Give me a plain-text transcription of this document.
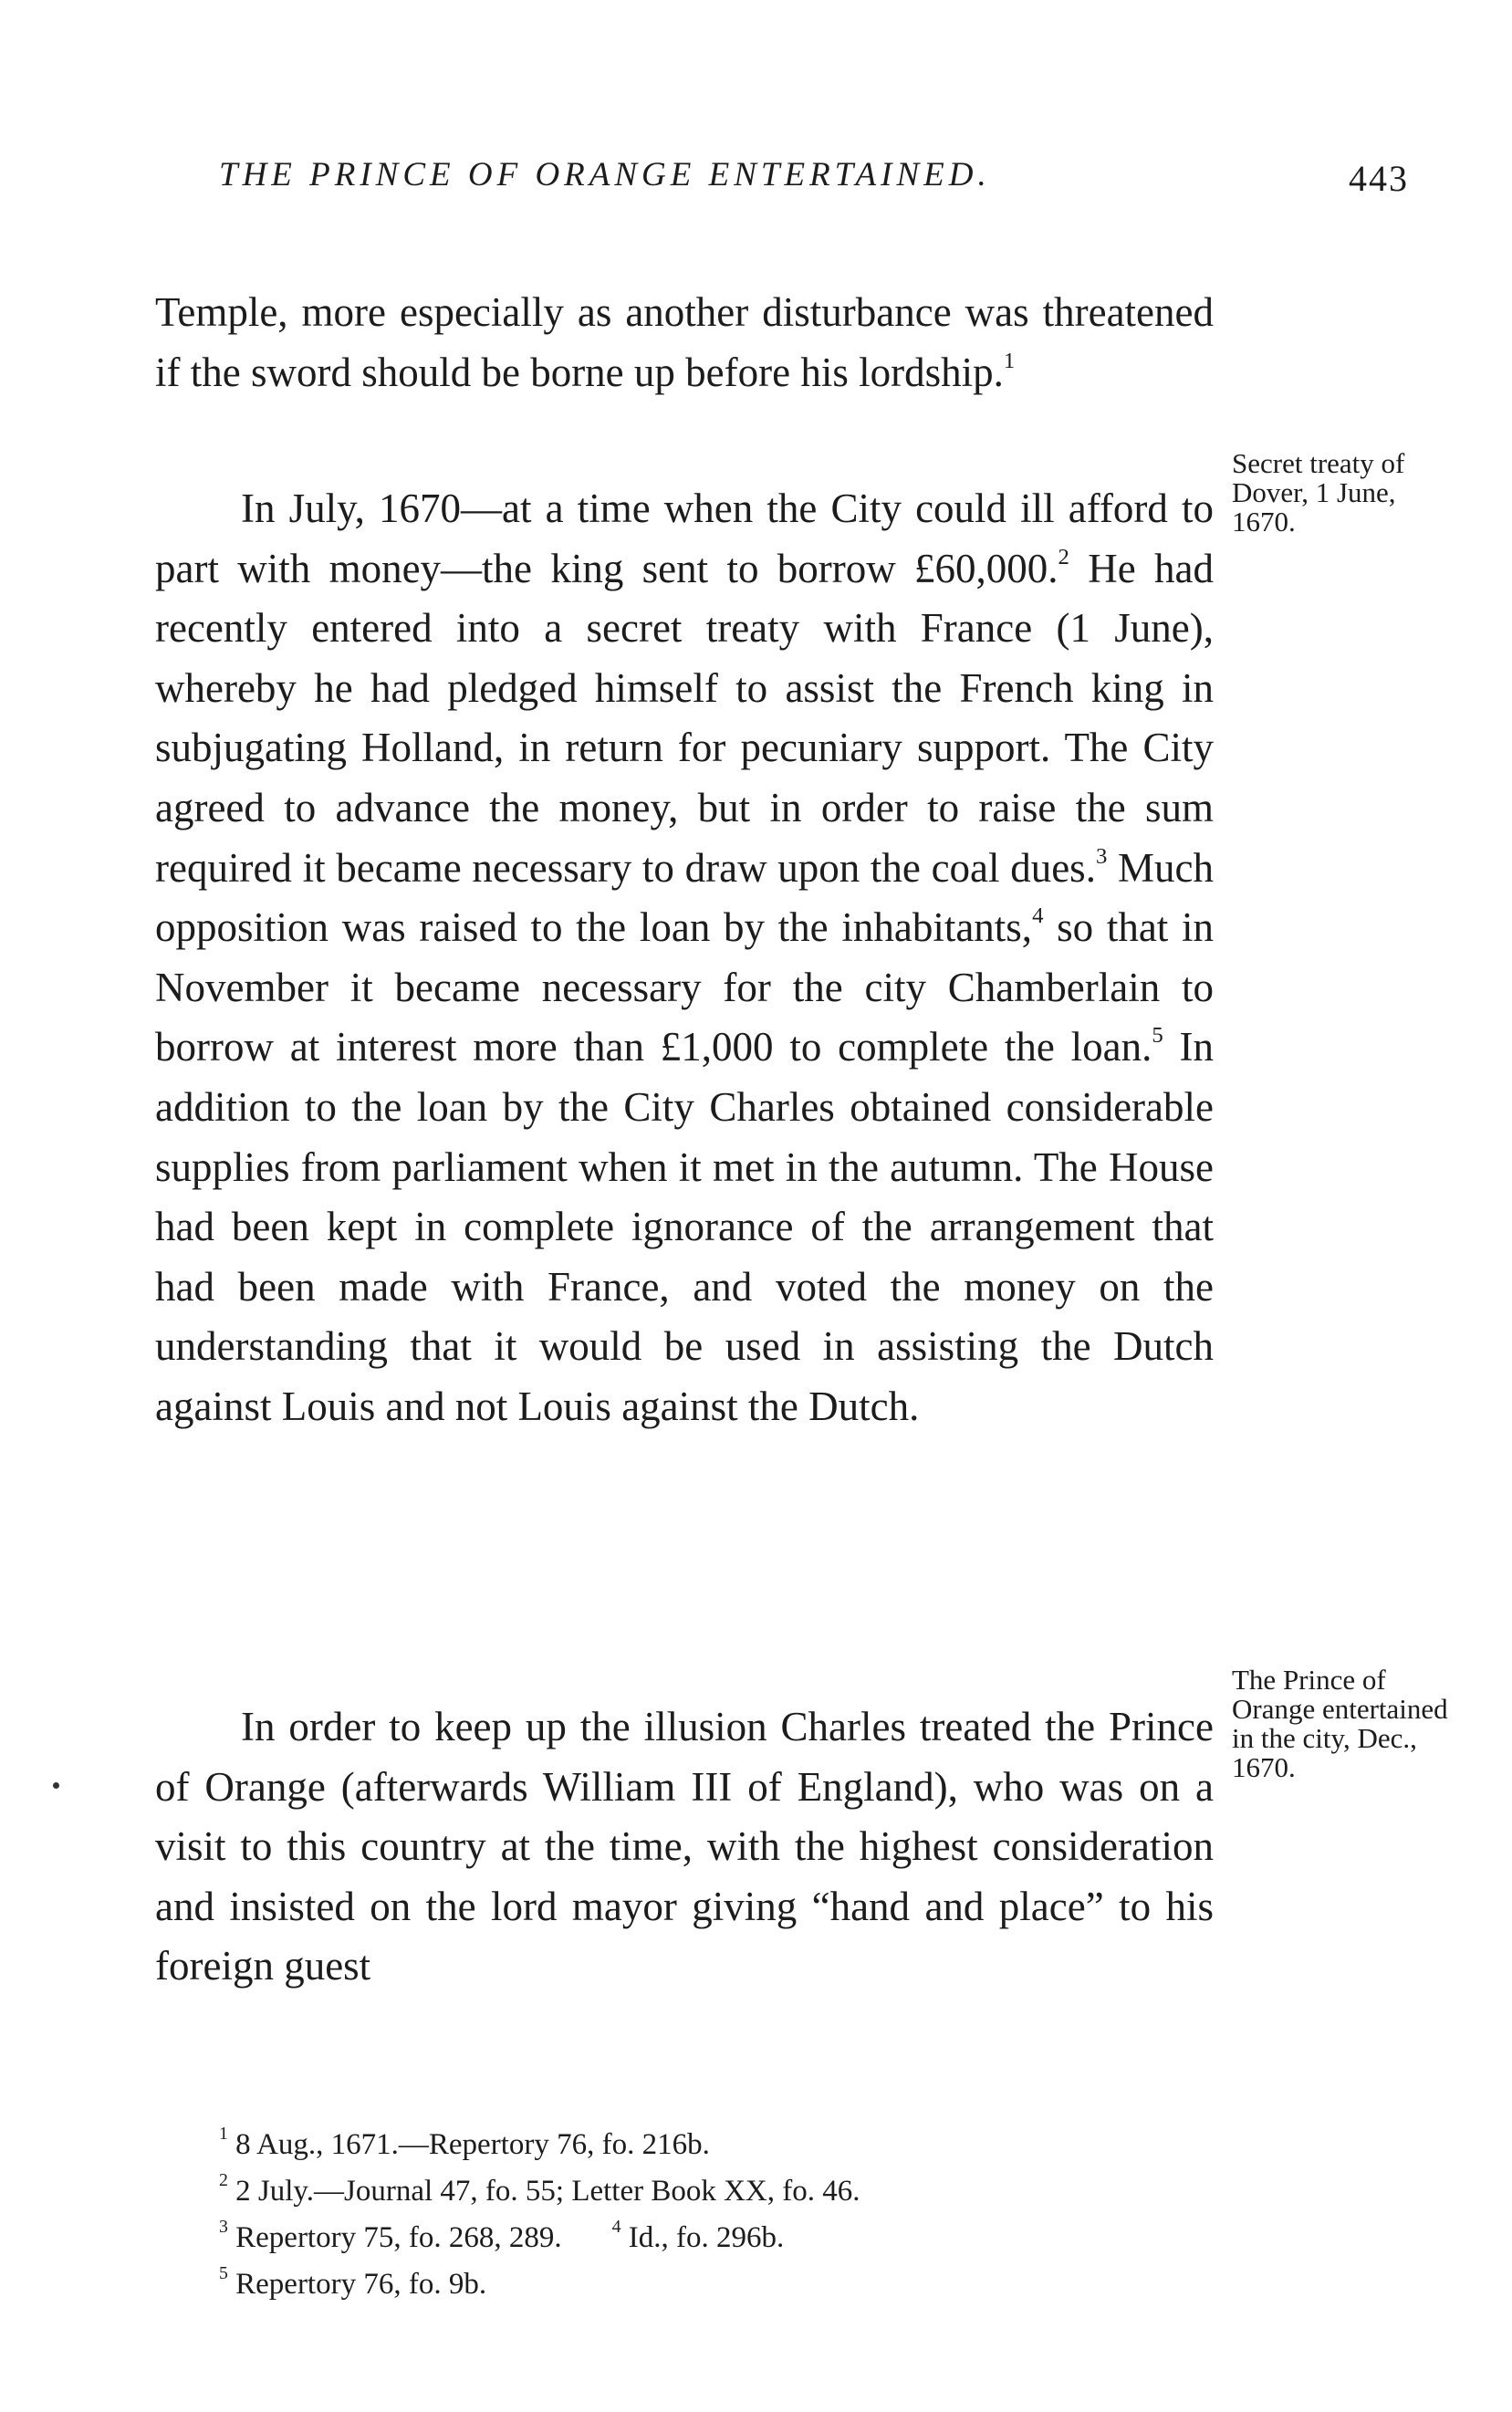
THE PRINCE OF ORANGE ENTERTAINED.	443

Temple, more especially as another disturbance was threatened if the sword should be borne up before his lordship.$^1$

Secret treaty of Dover, 1 June, 1670.

In July, 1670—at a time when the City could ill afford to part with money—the king sent to borrow £60,000.$^2$ He had recently entered into a secret treaty with France (1 June), whereby he had pledged himself to assist the French king in subjugating Holland, in return for pecuniary support. The City agreed to advance the money, but in order to raise the sum required it became necessary to draw upon the coal dues.$^3$ Much opposition was raised to the loan by the inhabitants,$^4$ so that in November it became necessary for the city Chamberlain to borrow at interest more than £1,000 to complete the loan.$^5$ In addition to the loan by the City Charles obtained considerable supplies from parliament when it met in the autumn. The House had been kept in complete ignorance of the arrangement that had been made with France, and voted the money on the understanding that it would be used in assisting the Dutch against Louis and not Louis against the Dutch.

The Prince of Orange entertained in the city, Dec., 1670.

In order to keep up the illusion Charles treated the Prince of Orange (afterwards William III of England), who was on a visit to this country at the time, with the highest consideration and insisted on the lord mayor giving “hand and place” to his foreign guest

$^1$ 8 Aug., 1671.—Repertory 76, fo. 216b.
$^2$ 2 July.—Journal 47, fo. 55; Letter Book XX, fo. 46.
$^3$ Repertory 75, fo. 268, 289.	$^4$ Id., fo. 296b.
$^5$ Repertory 76, fo. 9b.
